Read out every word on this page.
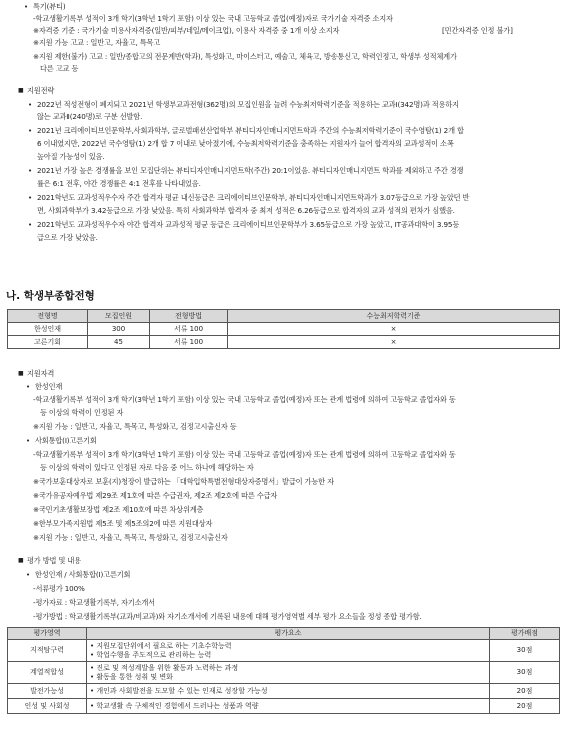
• 특기(뷰티)
-학교생활기록부 성적이 3개 학기(3학년 1학기 포함) 이상 있는 국내 고등학교 졸업(예정)자로 국가기술 자격증 소지자
※자격증 기준 : 국가기술 미용사자격증(일반/피부/네일/메이크업), 이용사 자격증 중 1개 이상 소지자	[민간자격증 인정 불가]
※지원 가능 고교 : 일반고, 자율고, 특목고
※지원 제한(불가) 고교 : 일반/종합고의 전문계반(학과), 특성화고, 마이스터고, 예술고, 체육고, 방송통신고, 학력인정고, 학생부 성적체계가
다른 고교 등
■ 지원전략
• 2022년 적성전형이 폐지되고 2021년 학생부교과전형(362명)의 모집인원을 늘려 수능최저학력기준을 적용하는 교과Ⅰ(342명)과 적용하지
않는 교과Ⅱ(240명)로 구분 선발함.
• 2021년 크리에이티브인문학부,사회과학부, 글로벌패션산업학부 뷰티디자인매니지먼트학과 주간의 수능최저학력기준이 국수영탐(1) 2개 합
6 이내였지만, 2022년 국수영탐(1) 2개 합 7 이내로 낮아졌기에, 수능최저학력기준을 충족하는 지원자가 늘어 합격자의 교과성적이 소폭
높아질 가능성이 있음.
• 2021년 가장 높은 경쟁률을 보인 모집단위는 뷰티디자인매니지먼트학(주간) 20:1이었음. 뷰티디자인매니지먼트 학과를 제외하고 주간 경쟁
률은 6:1 전후, 야간 경쟁률은 4:1 전후를 나타내었음.
• 2021학년도 교과성적우수자 주간 합격자 평균 내신등급은 크리에이티브인문학부, 뷰티디자인매니지먼트학과가 3.07등급으로 가장 높았던 반
면, 사회과학부가 3.42등급으로 가장 낮았음. 특히 사회과학부 합격자 중 최저 성적은 6.26등급으로 합격자의 교과 성적의 편차가 심했음.
• 2021학년도 교과성적우수자 야간 합격자 교과성적 평균 등급은 크리에이티브인문학부가 3.65등급으로 가장 높았고, IT공과대학이 3.95등
급으로 가장 낮았음.
나. 학생부종합전형
전형명	모집인원	전형방법	수능최저학력기준
한성인재	300	서류 100	×
고른기회	45	서류 100	×
■ 지원자격
• 한성인재
-학교생활기록부 성적이 3개 학기(3학년 1학기 포함) 이상 있는 국내 고등학교 졸업(예정)자 또는 관계 법령에 의하여 고등학교 졸업자와 동
등 이상의 학력이 인정된 자
※지원 가능 : 일반고, 자율고, 특목고, 특성화고, 검정고시출신자 등
• 사회통합(Ⅰ)고른기회
-학교생활기록부 성적이 3개 학기(3학년 1학기 포함) 이상 있는 국내 고등학교 졸업(예정)자 또는 관계 법령에 의하여 고등학교 졸업자와 동
등 이상의 학력이 있다고 인정된 자로 다음 중 어느 하나에 해당하는 자
※국가보훈대상자로 보훈(지)청장이 발급하는 「대학입학특별전형대상자증명서」발급이 가능한 자
※국가유공자예우법 제29조 제1호에 따른 수급권자, 제2조 제2호에 따른 수급자
※국민기초생활보장법 제2조 제10호에 따른 차상위계층
※한부모가족지원법 제5조 및 제5조의2에 따른 지원대상자
※지원 가능 : 일반고, 자율고, 특목고, 특성화고, 검정고시출신자
■ 평가 방법 및 내용
• 한성인재 / 사회통합(Ⅰ)고른기회
-서류평가 100%
-평가자료 : 학교생활기록부, 자기소개서
-평가방법 : 학교생활기록부(교과/비교과)와 자기소개서에 기록된 내용에 대해 평가영역별 세부 평가 요소들을 정성 종합 평가함.
평가영역	평가요소	평가배점
지적탐구력	• 지원모집단위에서 필요로 하는 기초수학능력
• 학업수행을 주도적으로 관리하는 능력	30점
계열적합성	• 진로 및 적성계발을 위한 활동과 노력하는 과정
• 활동을 통한 성취 및 변화	30점
발전가능성	• 개인과 사회발전을 도모할 수 있는 인재로 성장할 가능성	20점
인성 및 사회성	• 학교생활 속 구체적인 경험에서 드러나는 성품과 역량	20점
